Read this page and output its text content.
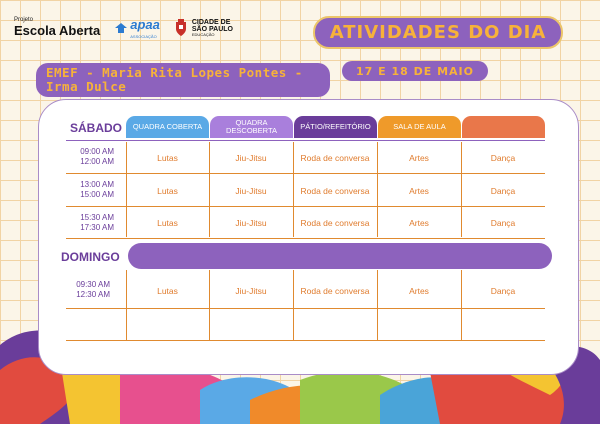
Projeto
Escola Aberta apaa
ASSOCIAÇÃO
CIDADE DE
SÃO PAULO
EDUCAÇÃO	ATIVIDADES DO DIA
17 E 18 DE MAIO
EMEF - Maria Rita Lopes Pontes - Irma Dulce
SÁBADO	QUADRA COBERTA	QUADRA DESCOBERTA	PÁTIO/REFEITÓRIO	SALA DE AULA
09:00 AM
12:00 AM	Lutas	Jiu-Jitsu	Roda de conversa	Artes	Dança
13:00 AM
15:00 AM	Lutas	Jiu-Jitsu	Roda de conversa	Artes	Dança
15:30 AM
17:30 AM	Lutas	Jiu-Jitsu	Roda de conversa	Artes	Dança
DOMINGO
09:30 AM
12:30 AM	Lutas	Jiu-Jitsu	Roda de conversa	Artes	Dança
